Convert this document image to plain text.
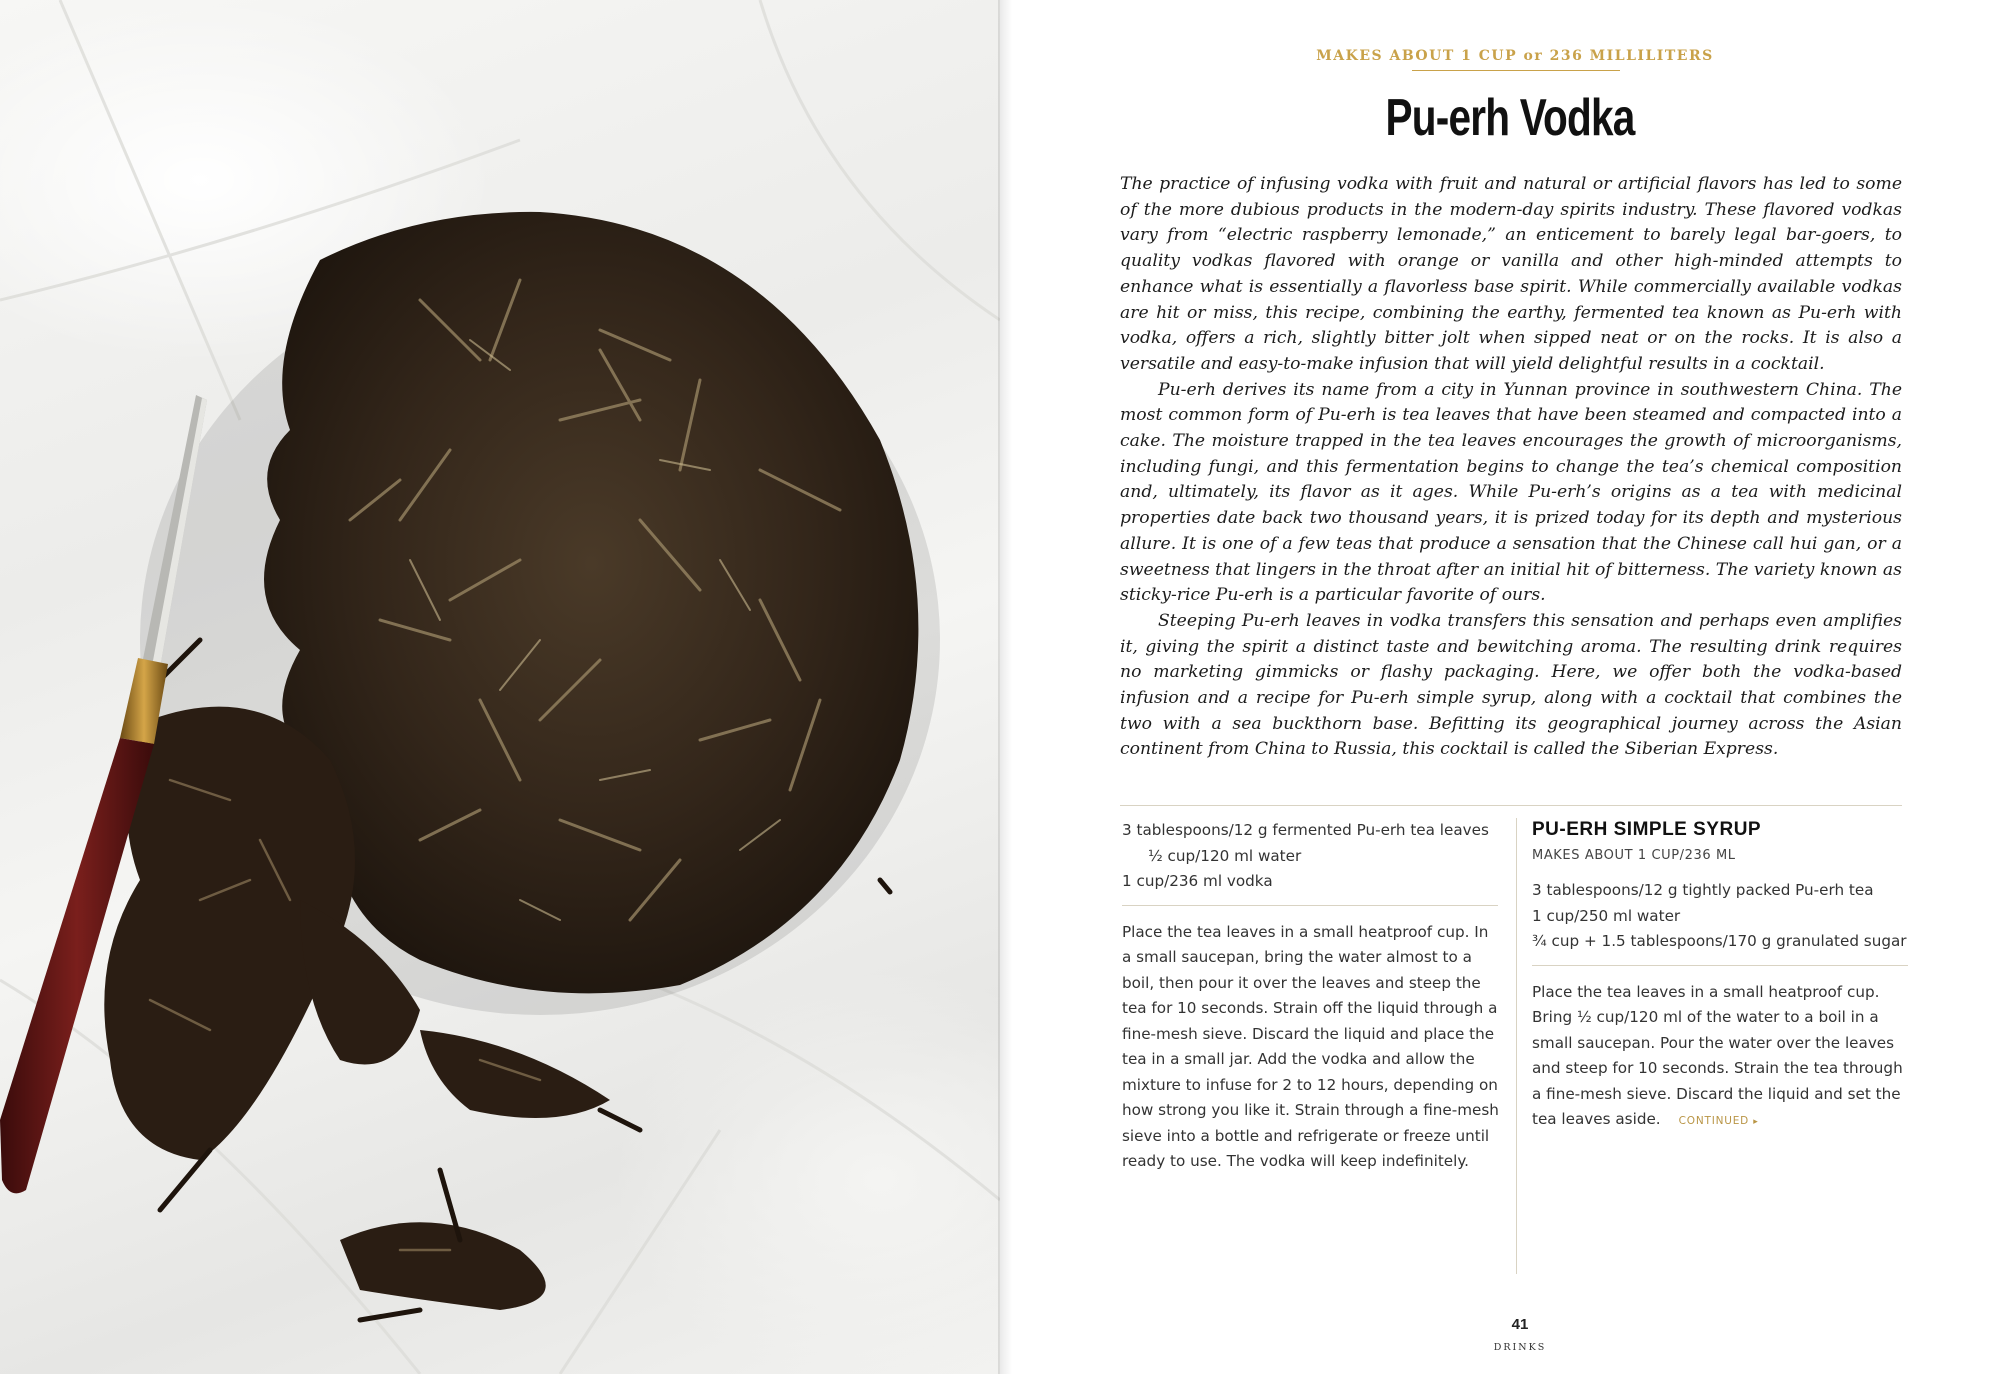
MAKES ABOUT 1 CUP or 236 MILLILITERS
Pu-erh Vodka

The practice of infusing vodka with fruit and natural or artificial flavors has led to some of the more dubious products in the modern-day spirits industry. These flavored vodkas vary from “electric raspberry lemonade,” an enticement to barely legal bar-goers, to quality vodkas flavored with orange or vanilla and other high-minded attempts to enhance what is essentially a flavorless base spirit. While commercially available vodkas are hit or miss, this recipe, combining the earthy, fermented tea known as Pu-erh with vodka, offers a rich, slightly bitter jolt when sipped neat or on the rocks. It is also a versatile and easy-to-make infusion that will yield delightful results in a cocktail.

Pu-erh derives its name from a city in Yunnan province in southwestern China. The most common form of Pu-erh is tea leaves that have been steamed and compacted into a cake. The moisture trapped in the tea leaves encourages the growth of microorganisms, including fungi, and this fermentation begins to change the tea’s chemical composition and, ultimately, its flavor as it ages. While Pu-erh’s origins as a tea with medicinal properties date back two thousand years, it is prized today for its depth and mysterious allure. It is one of a few teas that produce a sensation that the Chinese call hui gan, or a sweetness that lingers in the throat after an initial hit of bitterness. The variety known as sticky-rice Pu-erh is a particular favorite of ours.

Steeping Pu-erh leaves in vodka transfers this sensation and perhaps even amplifies it, giving the spirit a distinct taste and bewitching aroma. The resulting drink requires no marketing gimmicks or flashy packaging. Here, we offer both the vodka-based infusion and a recipe for Pu-erh simple syrup, along with a cocktail that combines the two with a sea buckthorn base. Befitting its geographical journey across the Asian continent from China to Russia, this cocktail is called the Siberian Express.

3 tablespoons/12 g fermented Pu-erh tea leaves ½ cup/120 ml water

1 cup/236 ml vodka

Place the tea leaves in a small heatproof cup. In a small saucepan, bring the water almost to a boil, then pour it over the leaves and steep the tea for 10 seconds. Strain off the liquid through a fine-mesh sieve. Discard the liquid and place the tea in a small jar. Add the vodka and allow the mixture to infuse for 2 to 12 hours, depending on how strong you like it. Strain through a fine-mesh sieve into a bottle and refrigerate or freeze until ready to use. The vodka will keep indefinitely.

PU-ERH SIMPLE SYRUP

MAKES ABOUT 1 CUP/236 ML

3 tablespoons/12 g tightly packed Pu-erh tea

1 cup/250 ml water

¾ cup + 1.5 tablespoons/170 g granulated sugar

Place the tea leaves in a small heatproof cup. Bring ½ cup/120 ml of the water to a boil in a small saucepan. Pour the water over the leaves and steep for 10 seconds. Strain the tea through a fine-mesh sieve. Discard the liquid and set the tea leaves aside. CONTINUED ▸

41
DRINKS
